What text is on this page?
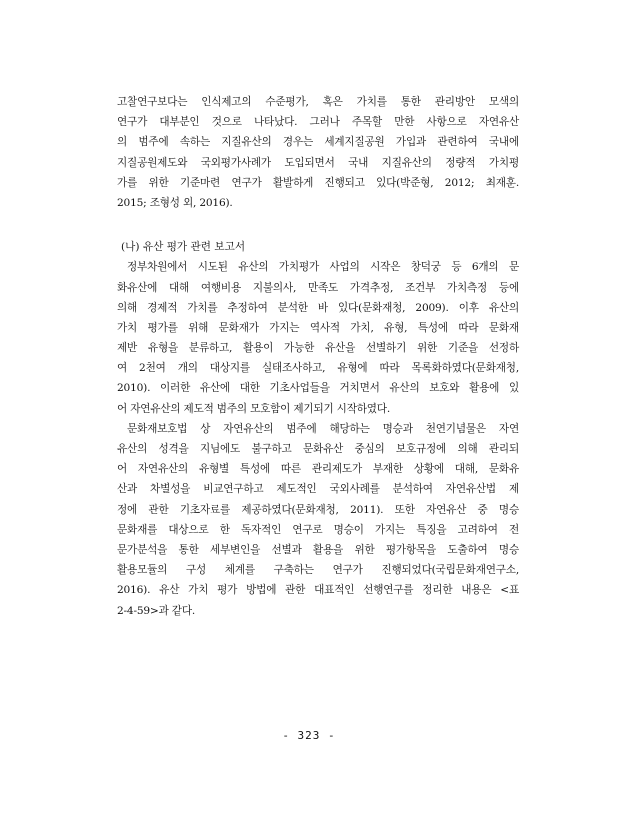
고찰연구보다는 인식제고의 수준평가, 혹은 가치를 통한 관리방안 모색의
연구가 대부분인 것으로 나타났다. 그러나 주목할 만한 사항으로 자연유산
의 범주에 속하는 지질유산의 경우는 세계지질공원 가입과 관련하여 국내에
지질공원제도와 국외평가사례가 도입되면서 국내 지질유산의 정량적 가치평
가를 위한 기준마련 연구가 활발하게 진행되고 있다(박준형, 2012; 최재훈.
2015; 조형성 외, 2016).
(나) 유산 평가 관련 보고서
정부차원에서 시도된 유산의 가치평가 사업의 시작은 창덕궁 등 6개의 문
화유산에 대해 여행비용 지불의사, 만족도 가격추정, 조건부 가치측정 등에
의해 경제적 가치를 추정하여 분석한 바 있다(문화재청, 2009). 이후 유산의
가치 평가를 위해 문화재가 가지는 역사적 가치, 유형, 특성에 따라 문화재
제반 유형을 분류하고, 활용이 가능한 유산을 선별하기 위한 기준을 선정하
여 2천여 개의 대상지를 실태조사하고, 유형에 따라 목록화하였다(문화재청,
2010). 이러한 유산에 대한 기초사업들을 거치면서 유산의 보호와 활용에 있
어 자연유산의 제도적 범주의 모호함이 제기되기 시작하였다.
문화재보호법 상 자연유산의 범주에 해당하는 명승과 천연기념물은 자연
유산의 성격을 지님에도 불구하고 문화유산 중심의 보호규정에 의해 관리되
어 자연유산의 유형별 특성에 따른 관리제도가 부재한 상황에 대해, 문화유
산과 차별성을 비교연구하고 제도적인 국외사례를 분석하여 자연유산법 제
정에 관한 기초자료를 제공하였다(문화재청, 2011). 또한 자연유산 중 명승
문화재를 대상으로 한 독자적인 연구로 명승이 가지는 특징을 고려하여 전
문가분석을 통한 세부변인을 선별과 활용을 위한 평가항목을 도출하여 명승
활용모듈의 구성 체계를 구축하는 연구가 진행되었다(국립문화재연구소,
2016). 유산 가치 평가 방법에 관한 대표적인 선행연구를 정리한 내용은 <표
2-4-59>과 같다.
- 323 -
